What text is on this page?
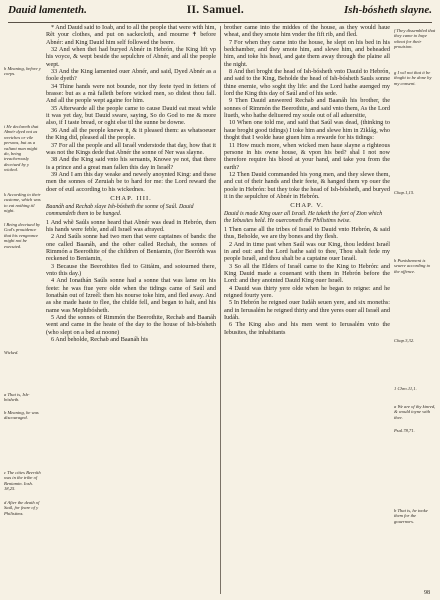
Dauid lamenteth.	II. Samuel.	Ish-bósheth slayne.
h Meaning, before y corps.
i He declareth that Abnér dyed not as wretches or vile persons, but as a valiant man might do, being treacherously deceiued by y wicked.
k According to their custome, which was to eat nothing til night.
l Being deceiued by God's prouidence that his vengeance might not be executed.
Wicked.
a That is, Ish-bósheth.
b Meaning, he was discouraged.
c The cities Beeróth was in the tribe of Beniamin. Iosh. 18,25.
d After the death of Saúl, for feare of y Philistims.

* And Dauid said to Ioab, and to all the people that were with him, Rẽt your clothes, and put on sackecloth, and mourne ✝ before Abnér: and King Dauid him self followed the beere.

32 And when thei had buryed Abnér in Hebrón, the King lift vp his voyce, & wept beside the sepulchre of Abnér, and all the people wept.

33 And the King lamented ouer Abnér, and said, Dyed Abnér as a foole dyeth?

34 Thine hands were not bounde, nor thy feete tyed in fetters of brasse: but as a mã falleth before wicked men, so didest thou fall. And all the people wept againe for him.

35 Afterwarde all the people came to cause Dauid eat meat while it was yet day, but Dauid sware, saying, So do God to me & more also, if I taste bread, or oght else til the sunne be downe.

36 And all the people knewe it, & it pleased them: as whatsoeuer the King did, pleased all the people.

37 For all the people and all Israél vnderstode that day, how that it was not the Kings dede that Abnér the sonne of Ner was slayne.

38 And the King said vnto his seruants, Knowe ye not, that there is a prince and a great man fallen this day in Israél?

39 And I am this day weake and newely anoynted King: and these men the sonnes of Zeruiah be to hard for me: the Lord reward the doer of euil according to his wickednes.

CHAP. IIII.
Baanáh and Rechab slaye Ish-bósheth the sonne of Saúl. Dauid commandeth them to be hanged.

1 And whẽ Saúls sonne heard that Abnér was dead in Hebrón, then his hands were feble, and all Israél was afrayed.

2 And Saúls sonne had two men that were captaines of bands: the one called Baanáh, and the other called Rechab, the sonnes of Rimmón a Beerothite of the children of Beniamin, (for Beeróth was reckened to Beniamin,

3 Because the Beerothites fled to Gittáim, and soiourned there, vnto this day.)

4 And Ionathán Saúls sonne had a sonne that was lame on his feete: he was fiue yere olde when the tidings came of Saúl and Ionathán out of Izreél: then his nourse toke him, and fled away. And as she made haste to flee, the childe fell, and began to halt, and his name was Mephibósheth.

5 And the sonnes of Rimmón the Beerothite, Rechab and Baanáh went and came in the heate of the day to the house of Ish-bósheth (who slept on a bed at noone)

6 And beholde, Rechab and Baanáh his

brother came into the middes of the house, as they would haue wheat, and they smote him vnder the fift rib, and fled.

7 For when they came into the house, he slept on his bed in his bedchamber, and they smote him, and slewe him, and beheaded him, and toke his head, and gate them away through the plaine all the night.

8 And thei broght the head of Ish-bósheth vnto Dauid to Hebrón, and said to the King, Beholde the head of Ish-bósheth Sauls sonne thine enemie, who soght thy life: and the Lord hathe auenged my lord the King this day of Saúl and of his sede.

9 Then Dauid answered Rechab and Baanáh his brother, the sonnes of Rimmón the Beerothite, and said vnto them, As the Lord liueth, who hathe deliuered my soule out of all aduersitie,

10 When one told me, and said that Saúl was dead, (thinking to haue broght good tidings) I toke him and slewe him in Ziklág, who thoght that I wolde haue giuen him a rewarde for his tidings:

11 How much more, when wicked men haue slayne a righteous persone in his owne house, & vpon his bed? shal I not now therefore require his blood at your hand, and take you from the earth?

12 Then Dauid commanded his yong men, and they slewe them, and cut of their hands and their feete, & hanged them vp ouer the poole in Hebrón: but they toke the head of Ish-bósheth, and buryed it in the sepulchre of Abnér in Hebrón.

CHAP. V.
Dauid is made King ouer all Israél. He taketh the fort of Zion which the Iebusites held. He ouercometh the Philistims twise.

1 Then came all the tribes of Israél to Dauid vnto Hebrón, & said thus, Beholde, we are thy bones and thy flesh.

2 And in time past when Saúl was our King, thou leddest Israél in and out: and the Lord hathe said to thee, Thou shalt fede my people Israél, and thou shalt be a captaine ouer Israél.

3 So all the Elders of Israél came to the King to Hebrón: and King Dauid made a couenant with them in Hebrón before the Lord: and they anointed Dauid King ouer Israél.

4 Dauid was thirty yere olde when he began to reigne: and he reigned fourty yere.

5 In Hebrón he reigned ouer Iudáh seuen yere, and six moneths: and in Ierusalém he reigned thirty and thre yeres ouer all Israél and Iudáh.

6 The King also and his men went to Ierusalém vnto the Iebusites, the inhabitants

f They dissembled that they came to buye wheat for their prouision.
g I wil not that it be thoght to be done by my consent.
Chap.1,15.
h Punishement is seuere according to the offence.
Chap.3,32.
1 Chro.11,1.
a We are of thy kinred, & would ioyne with thee.
Psal.78,71.
b That is, he tooke them for the gouernors.
98
